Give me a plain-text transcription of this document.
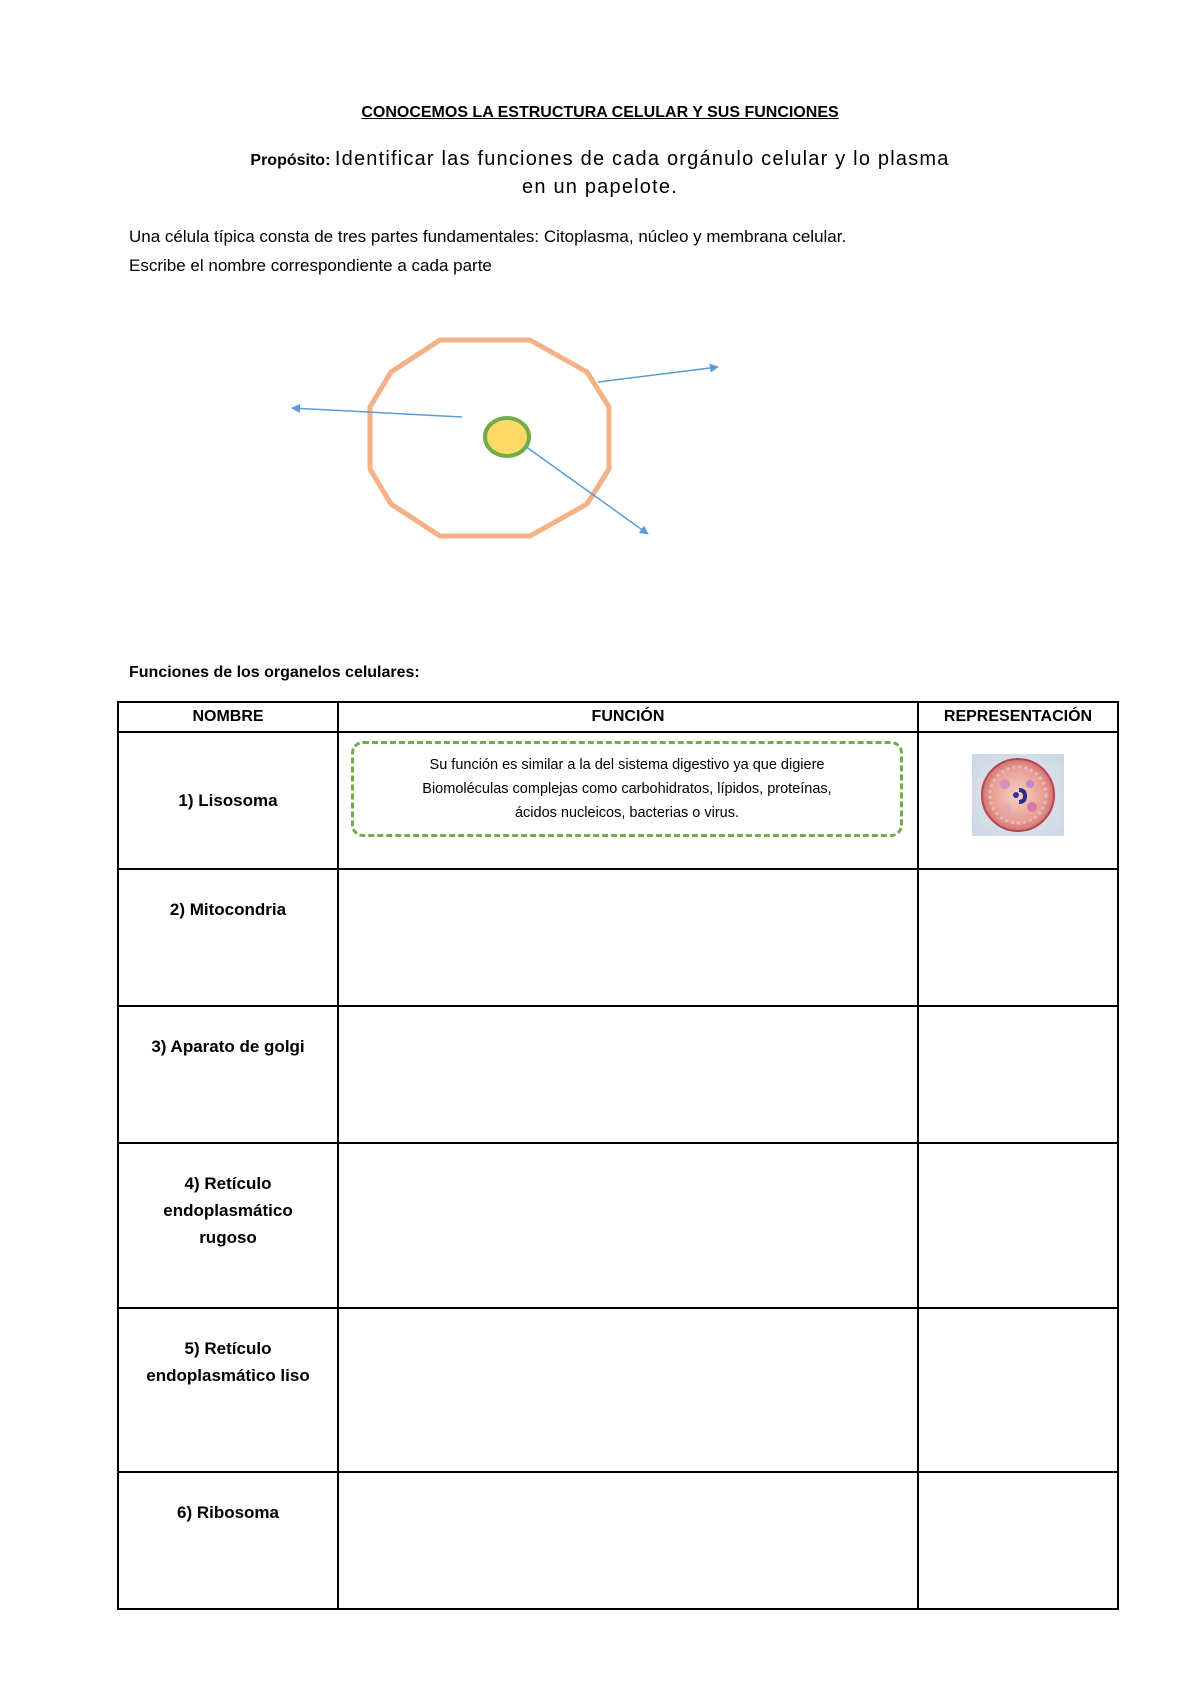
CONOCEMOS LA ESTRUCTURA CELULAR Y SUS FUNCIONES
Propósito: Identificar las funciones de cada orgánulo celular y lo plasma
en un papelote.
Una célula típica consta de tres partes fundamentales: Citoplasma, núcleo y membrana celular.
Escribe el nombre correspondiente a cada parte
Funciones de los organelos celulares:
NOMBRE	FUNCIÓN	REPRESENTACIÓN

1) Lisosoma	Su función es similar a la del sistema digestivo ya que digiere
Biomoléculas complejas como carbohidratos, lípidos, proteínas,
ácidos nucleicos, bacterias o virus.

2) Mitocondria		

3) Aparato de golgi		

4) Retículo
endoplasmático
rugoso		

5) Retículo
endoplasmático liso		

6) Ribosoma		
